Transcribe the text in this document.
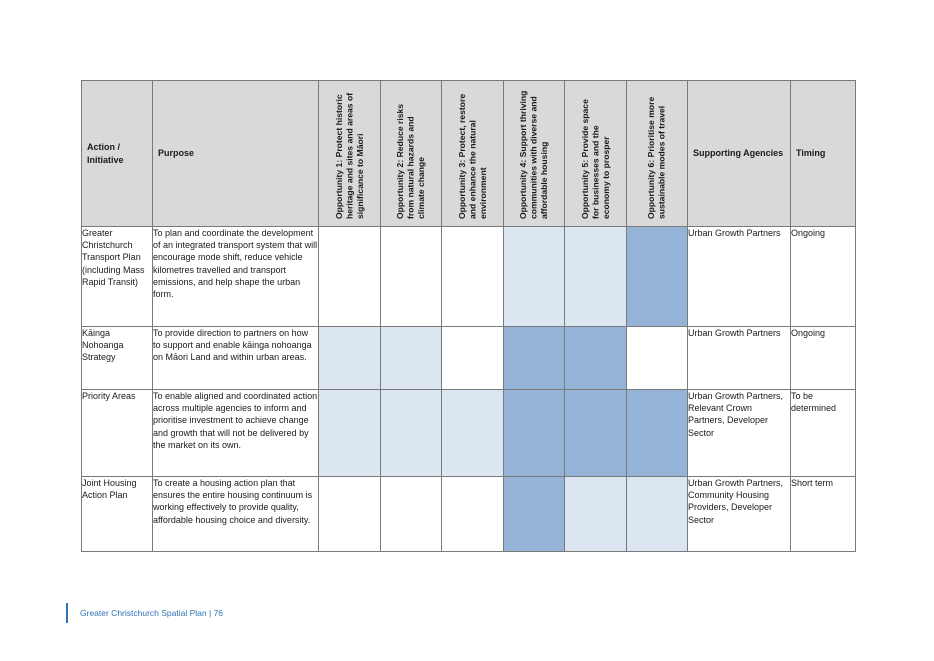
Action / Initiative	Purpose	Opportunity 1: Protect historic heritage and sites and areas of significance to Māori	Opportunity 2: Reduce risks from natural hazards and climate change	Opportunity 3: Protect, restore and enhance the natural environment	Opportunity 4: Support thriving communities with diverse and affordable housing	Opportunity 5: Provide space for businesses and the economy to prosper	Opportunity 6: Prioritise more sustainable modes of travel	Supporting Agencies	Timing
Greater Christchurch Transport Plan (including Mass Rapid Transit)	To plan and coordinate the development of an integrated transport system that will encourage mode shift, reduce vehicle kilometres travelled and transport emissions, and help shape the urban form.							Urban Growth Partners	Ongoing
Kāinga Nohoanga Strategy	To provide direction to partners on how to support and enable kāinga nohoanga on Māori Land and within urban areas.							Urban Growth Partners	Ongoing
Priority Areas	To enable aligned and coordinated action across multiple agencies to inform and prioritise investment to achieve change and growth that will not be delivered by the market on its own.							Urban Growth Partners, Relevant Crown Partners, Developer Sector	To be determined
Joint Housing Action Plan	To create a housing action plan that ensures the entire housing continuum is working effectively to provide quality, affordable housing choice and diversity.							Urban Growth Partners, Community Housing Providers, Developer Sector	Short term
Greater Christchurch Spatial Plan | 76
